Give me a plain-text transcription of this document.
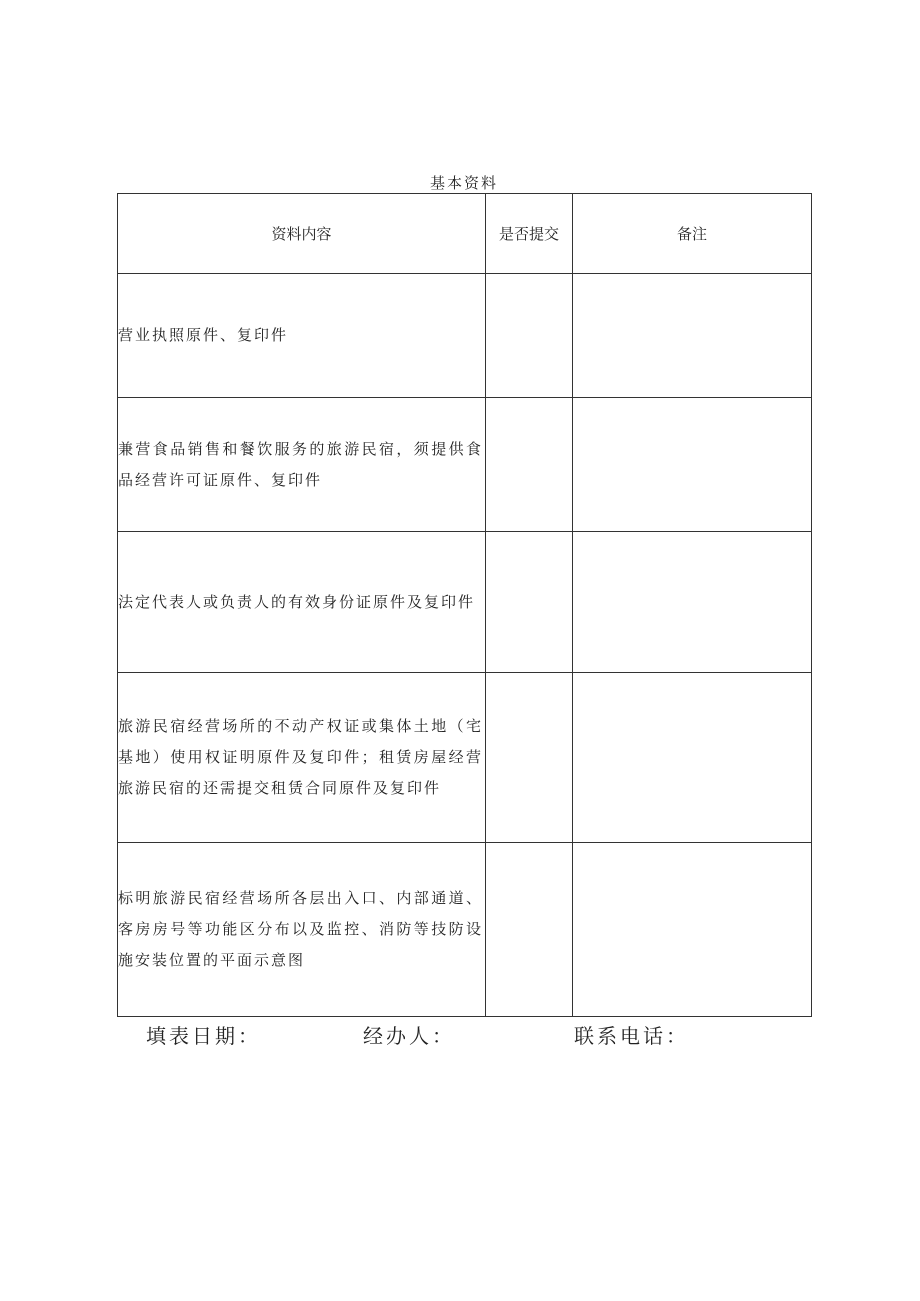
基本资料
资料内容	是否提交	备注
营业执照原件、复印件		
兼营食品销售和餐饮服务的旅游民宿，须提供食品经营许可证原件、复印件		
法定代表人或负责人的有效身份证原件及复印件		
旅游民宿经营场所的不动产权证或集体土地（宅基地）使用权证明原件及复印件；租赁房屋经营旅游民宿的还需提交租赁合同原件及复印件		
标明旅游民宿经营场所各层出入口、内部通道、客房房号等功能区分布以及监控、消防等技防设施安装位置的平面示意图		
填表日期：	经办人：	联系电话：
